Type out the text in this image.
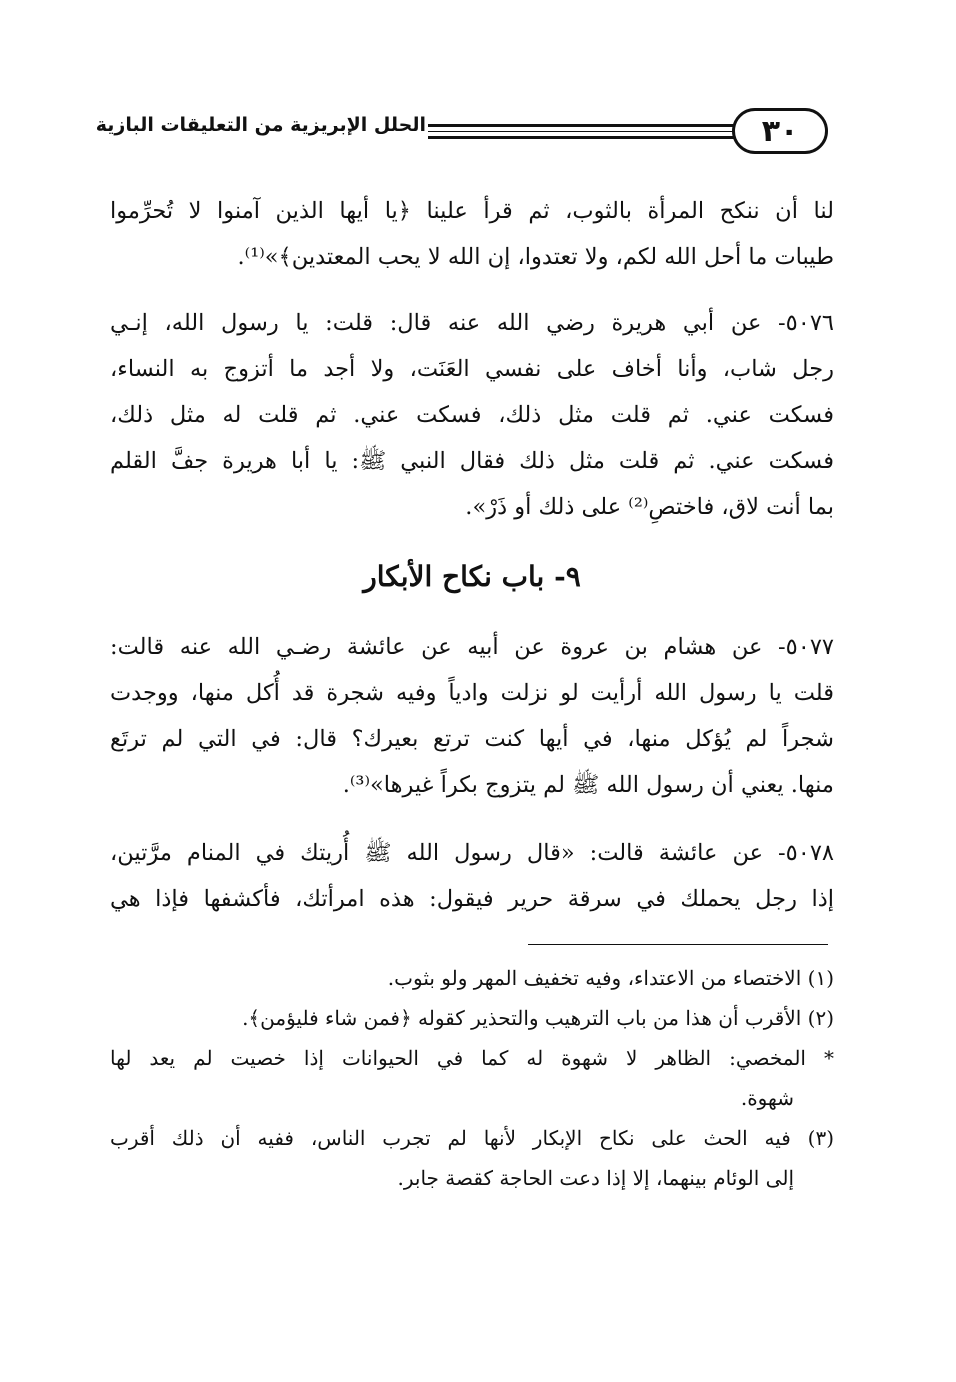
٣٠
الحلل الإبريزية من التعليقات البازية

لنا أن ننكح المرأة بالثوب، ثم قرأ علينا ﴿يا أيها الذين آمنوا لا تُحرِّموا
طيبات ما أحل الله لكم، ولا تعتدوا، إن الله لا يحب المعتدين﴾»⁽¹⁾.

٥٠٧٦- عن أبي هريرة رضي الله عنه قال: قلت: يا رسول الله، إنـي
رجل شاب، وأنا أخاف على نفسي العَنَت، ولا أجد ما أتزوج به النساء،
فسكت عني. ثم قلت مثل ذلك، فسكت عني. ثم قلت له مثل ذلك،
فسكت عني. ثم قلت مثل ذلك فقال النبي ﷺ: يا أبا هريرة جفَّ القلم
بما أنت لاق، فاختصِ⁽²⁾ على ذلك أو ذَرْ».

٩- باب نكاح الأبكار

٥٠٧٧- عن هشام بن عروة عن أبيه عن عائشة رضـي الله عنه قالت:
قلت يا رسول الله أرأيت لو نزلت وادياً وفيه شجرة قد أُكل منها، ووجدت
شجراً لم يُؤكل منها، في أيها كنت ترتع بعيرك؟ قال: في التي لم ترتَع
منها. يعني أن رسول الله ﷺ لم يتزوج بكراً غيرها»⁽³⁾.

٥٠٧٨- عن عائشة قالت: «قال رسول الله ﷺ أُريتك في المنام مرَّتين،
إذا رجل يحملك في سرقة حرير فيقول: هذه امرأتك، فأكشفها فإذا هي

(١) الاختصاء من الاعتداء، وفيه تخفيف المهر ولو بثوب.
(٢) الأقرب أن هذا من باب الترهيب والتحذير كقوله ﴿فمن شاء فليؤمن﴾.
* المخصي: الظاهر لا شهوة له كما في الحيوانات إذا خصيت لم يعد لها
شهوة.
(٣) فيه الحث على نكاح الإبكار لأنها لم تجرب الناس، ففيه أن ذلك أقرب
إلى الوئام بينهما، إلا إذا دعت الحاجة كقصة جابر.
